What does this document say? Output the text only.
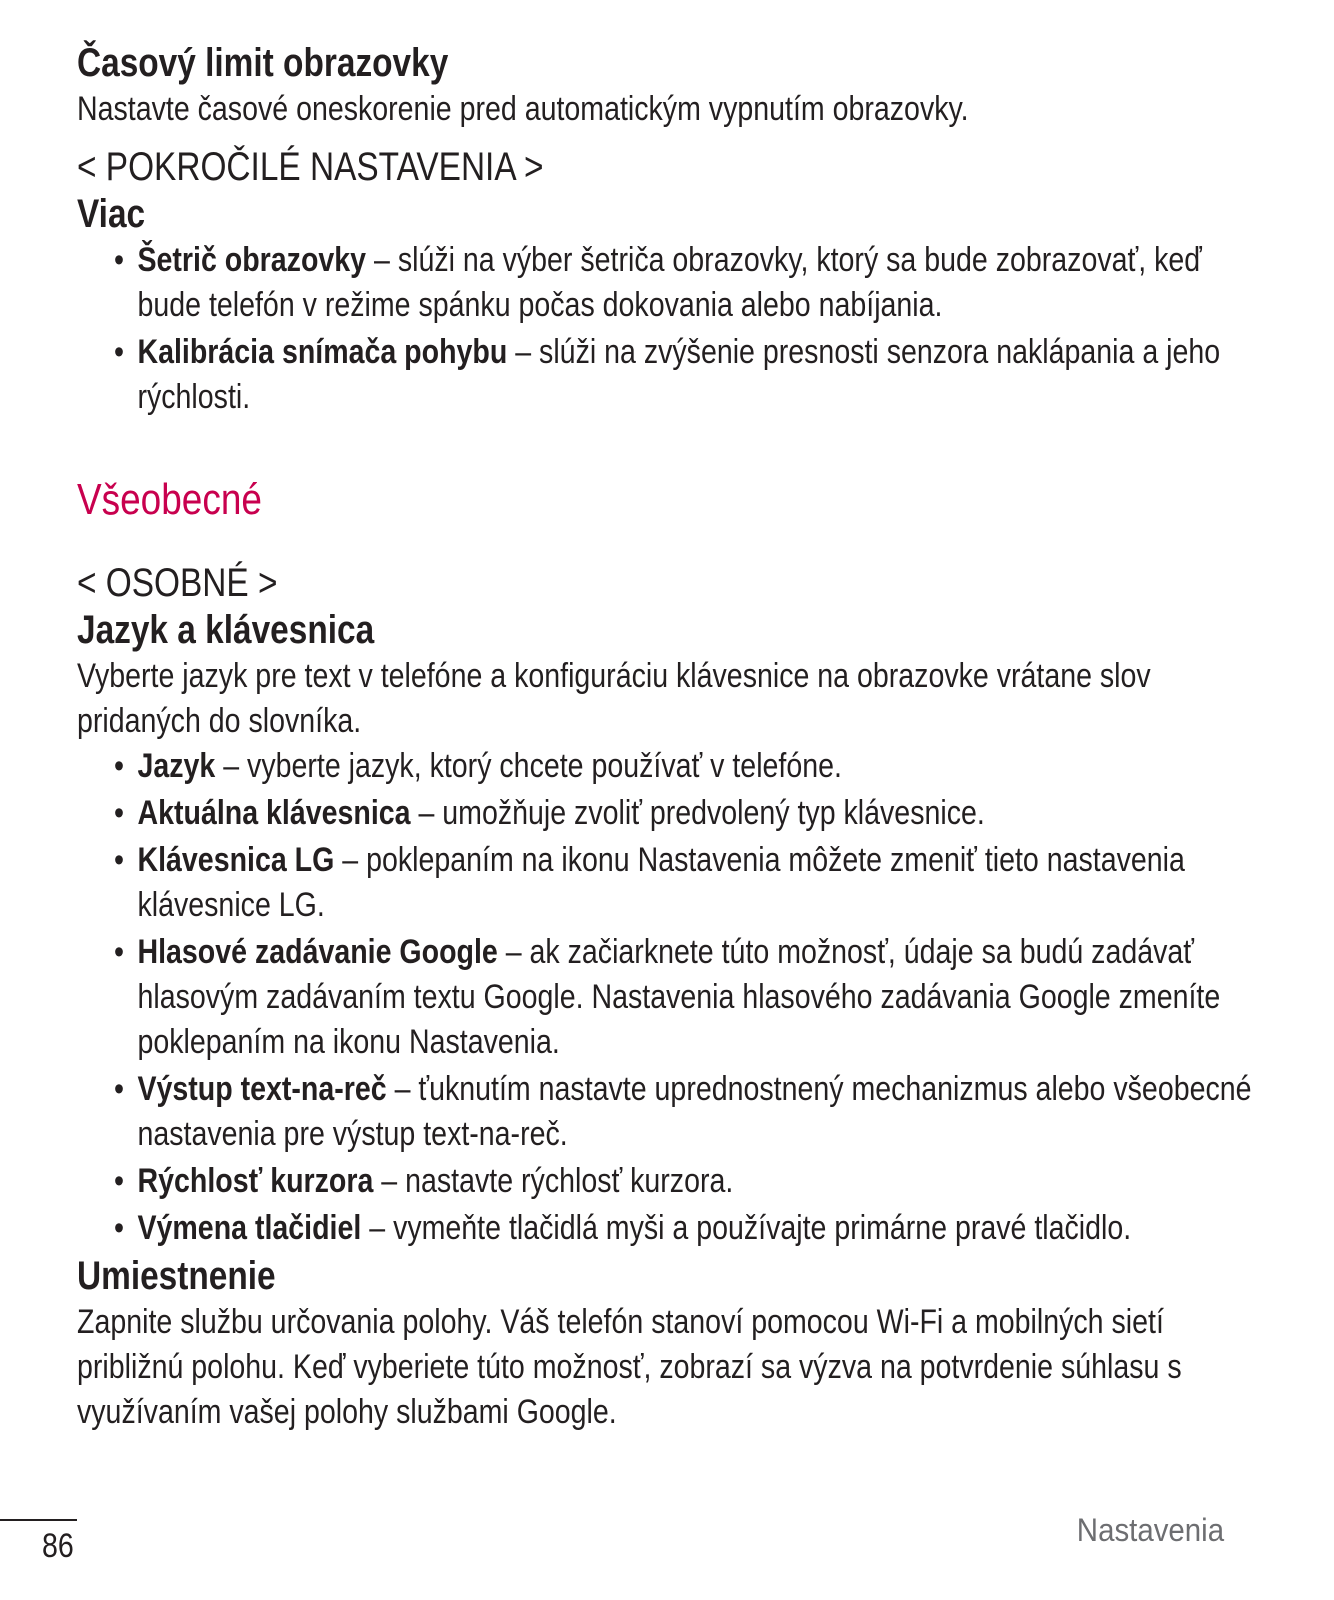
Časový limit obrazovky

Nastavte časové oneskorenie pred automatickým vypnutím obrazovky.

< POKROČILÉ NASTAVENIA >
Viac
• Šetrič obrazovky – slúži na výber šetriča obrazovky, ktorý sa bude zobrazovať, keď bude telefón v režime spánku počas dokovania alebo nabíjania.
• Kalibrácia snímača pohybu – slúži na zvýšenie presnosti senzora naklápania a jeho rýchlosti.
Všeobecné
< OSOBNÉ >
Jazyk a klávesnica

Vyberte jazyk pre text v telefóne a konfiguráciu klávesnice na obrazovke vrátane slov pridaných do slovníka.

• Jazyk – vyberte jazyk, ktorý chcete používať v telefóne.
• Aktuálna klávesnica – umožňuje zvoliť predvolený typ klávesnice.
• Klávesnica LG – poklepaním na ikonu Nastavenia môžete zmeniť tieto nastavenia klávesnice LG.
• Hlasové zadávanie Google – ak začiarknete túto možnosť, údaje sa budú zadávať hlasovým zadávaním textu Google. Nastavenia hlasového zadávania Google zmeníte poklepaním na ikonu Nastavenia.
• Výstup text-na-reč – ťuknutím nastavte uprednostnený mechanizmus alebo všeobecné nastavenia pre výstup text-na-reč.
• Rýchlosť kurzora – nastavte rýchlosť kurzora.
• Výmena tlačidiel – vymeňte tlačidlá myši a používajte primárne pravé tlačidlo.
Umiestnenie

Zapnite službu určovania polohy. Váš telefón stanoví pomocou Wi-Fi a mobilných sietí približnú polohu. Keď vyberiete túto možnosť, zobrazí sa výzva na potvrdenie súhlasu s využívaním vašej polohy službami Google.

86	Nastavenia
